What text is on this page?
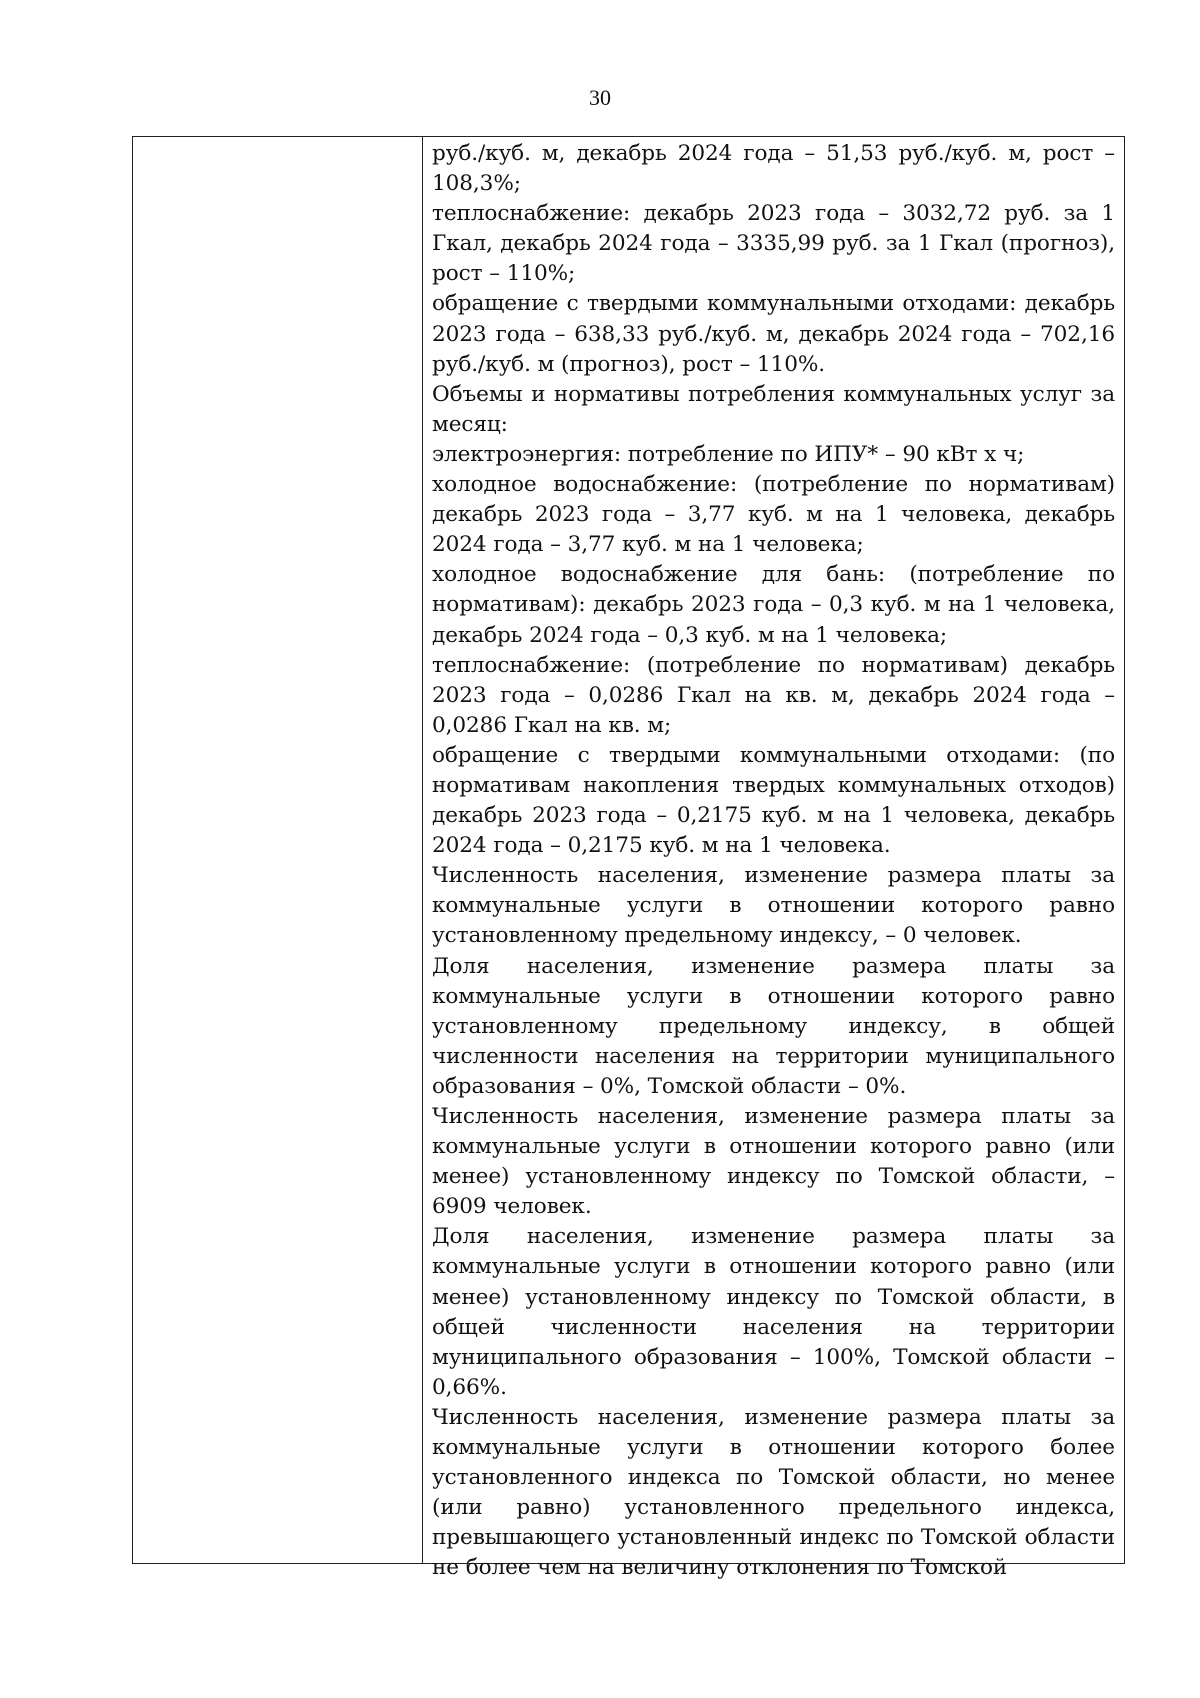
30

руб./куб. м, декабрь 2024 года – 51,53 руб./куб. м, рост – 108,3%;

теплоснабжение: декабрь 2023 года – 3032,72 руб. за 1 Гкал, декабрь 2024 года – 3335,99 руб. за 1 Гкал (прогноз), рост – 110%;

обращение с твердыми коммунальными отходами: декабрь 2023 года – 638,33 руб./куб. м, декабрь 2024 года – 702,16 руб./куб. м (прогноз), рост – 110%.

Объемы и нормативы потребления коммунальных услуг за месяц:

электроэнергия: потребление по ИПУ* – 90 кВт х ч;

холодное водоснабжение: (потребление по нормативам) декабрь 2023 года – 3,77 куб. м на 1 человека, декабрь 2024 года – 3,77 куб. м на 1 человека;

холодное водоснабжение для бань: (потребление по нормативам): декабрь 2023 года – 0,3 куб. м на 1 человека, декабрь 2024 года – 0,3 куб. м на 1 человека;

теплоснабжение: (потребление по нормативам) декабрь 2023 года – 0,0286 Гкал на кв. м, декабрь 2024 года – 0,0286 Гкал на кв. м;

обращение с твердыми коммунальными отходами: (по нормативам накопления твердых коммунальных отходов) декабрь 2023 года – 0,2175 куб. м на 1 человека, декабрь 2024 года – 0,2175 куб. м на 1 человека.

Численность населения, изменение размера платы за коммунальные услуги в отношении которого равно установленному предельному индексу, – 0 человек.

Доля населения, изменение размера платы за коммунальные услуги в отношении которого равно установленному предельному индексу, в общей численности населения на территории муниципального образования – 0%, Томской области – 0%.

Численность населения, изменение размера платы за коммунальные услуги в отношении которого равно (или менее) установленному индексу по Томской области, – 6909 человек.

Доля населения, изменение размера платы за коммунальные услуги в отношении которого равно (или менее) установленному индексу по Томской области, в общей численности населения на территории муниципального образования – 100%, Томской области – 0,66%.

Численность населения, изменение размера платы за коммунальные услуги в отношении которого более установленного индекса по Томской области, но менее (или равно) установленного предельного индекса, превышающего установленный индекс по Томской области не более чем на величину отклонения по Томской
